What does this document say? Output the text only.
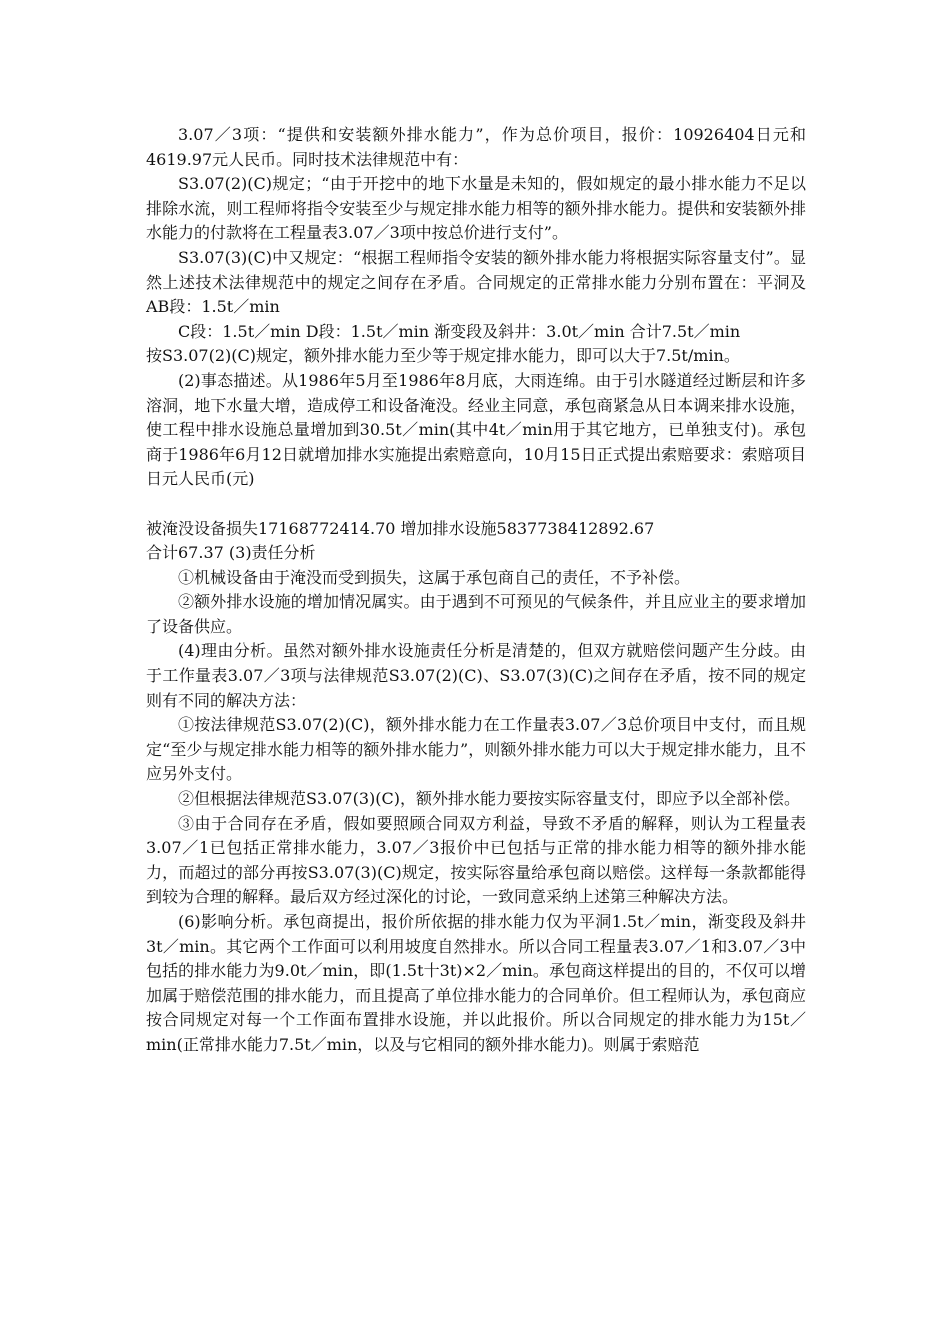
3.07／3项：“提供和安装额外排水能力”，作为总价项目，报价：10926404日元和4619.97元人民币。同时技术法律规范中有：

S3.07(2)(C)规定；“由于开挖中的地下水量是未知的，假如规定的最小排水能力不足以排除水流，则工程师将指令安装至少与规定排水能力相等的额外排水能力。提供和安装额外排水能力的付款将在工程量表3.07／3项中按总价进行支付”。

S3.07(3)(C)中又规定：“根据工程师指令安装的额外排水能力将根据实际容量支付”。显然上述技术法律规范中的规定之间存在矛盾。合同规定的正常排水能力分别布置在：平洞及AB段：1.5t／min

C段：1.5t／min D段：1.5t／min 渐变段及斜井：3.0t／min 合计7.5t／min

按S3.07(2)(C)规定，额外排水能力至少等于规定排水能力，即可以大于7.5t/min。

(2)事态描述。从1986年5月至1986年8月底，大雨连绵。由于引水隧道经过断层和许多溶洞，地下水量大增，造成停工和设备淹没。经业主同意，承包商紧急从日本调来排水设施，使工程中排水设施总量增加到30.5t／min(其中4t／min用于其它地方，已单独支付)。承包商于1986年6月12日就增加排水实施提出索赔意向，10月15日正式提出索赔要求：索赔项目日元人民币(元)

被淹没设备损失17168772414.70 增加排水设施5837738412892.67

合计67.37 (3)责任分析

①机械设备由于淹没而受到损失，这属于承包商自己的责任，不予补偿。

②额外排水设施的增加情况属实。由于遇到不可预见的气候条件，并且应业主的要求增加了设备供应。

(4)理由分析。虽然对额外排水设施责任分析是清楚的，但双方就赔偿问题产生分歧。由于工作量表3.07／3项与法律规范S3.07(2)(C)、S3.07(3)(C)之间存在矛盾，按不同的规定则有不同的解决方法：

①按法律规范S3.07(2)(C)，额外排水能力在工作量表3.07／3总价项目中支付，而且规定“至少与规定排水能力相等的额外排水能力”，则额外排水能力可以大于规定排水能力，且不应另外支付。

②但根据法律规范S3.07(3)(C)，额外排水能力要按实际容量支付，即应予以全部补偿。

③由于合同存在矛盾，假如要照顾合同双方利益，导致不矛盾的解释，则认为工程量表3.07／1已包括正常排水能力，3.07／3报价中已包括与正常的排水能力相等的额外排水能力，而超过的部分再按S3.07(3)(C)规定，按实际容量给承包商以赔偿。这样每一条款都能得到较为合理的解释。最后双方经过深化的讨论，一致同意采纳上述第三种解决方法。

(6)影响分析。承包商提出，报价所依据的排水能力仅为平洞1.5t／min，渐变段及斜井3t／min。其它两个工作面可以利用坡度自然排水。所以合同工程量表3.07／1和3.07／3中包括的排水能力为9.0t／min，即(1.5t十3t)×2／min。承包商这样提出的目的，不仅可以增加属于赔偿范围的排水能力，而且提高了单位排水能力的合同单价。但工程师认为，承包商应按合同规定对每一个工作面布置排水设施，并以此报价。所以合同规定的排水能力为15t／min(正常排水能力7.5t／min，以及与它相同的额外排水能力)。则属于索赔范
